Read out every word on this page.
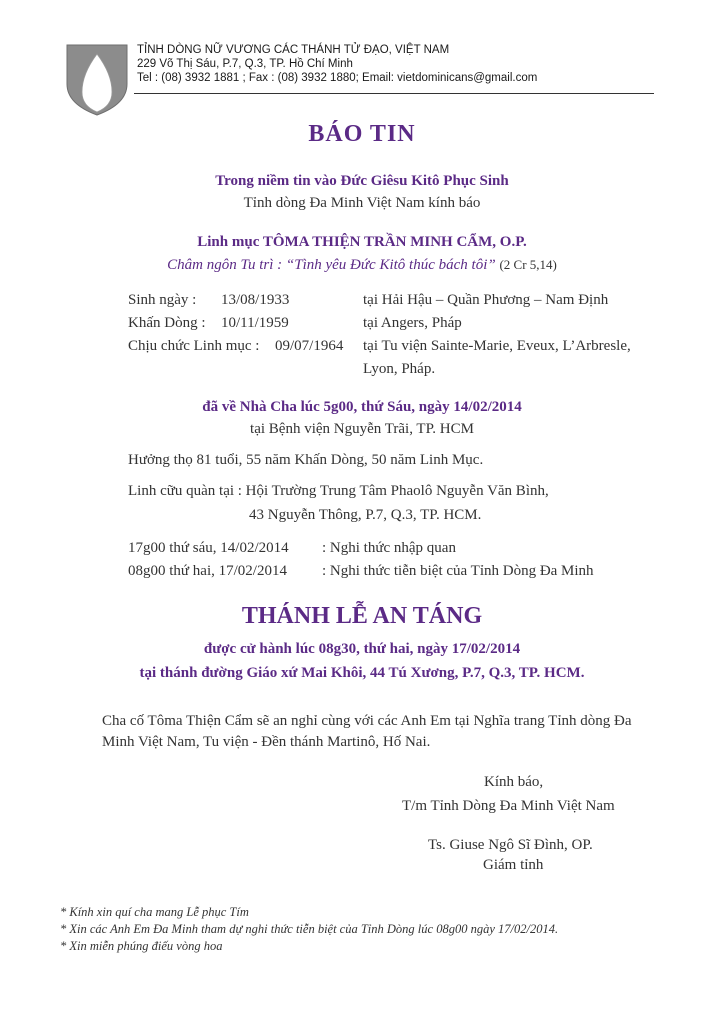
TỈNH DÒNG NỮ VƯƠNG CÁC THÁNH TỬ ĐẠO, VIỆT NAM
229 Võ Thị Sáu, P.7, Q.3, TP. Hồ Chí Minh
Tel : (08) 3932 1881 ; Fax : (08) 3932 1880; Email: vietdominicans@gmail.com
BÁO TIN
Trong niềm tin vào Đức Giêsu Kitô Phục Sinh
Tỉnh dòng Đa Minh Việt Nam kính báo
Linh mục TÔMA THIỆN TRẦN MINH CẨM, O.P.
Châm ngôn Tu trì : “Tình yêu Đức Kitô thúc bách tôi” (2 Cr 5,14)
Sinh ngày : 13/08/1933	tại Hải Hậu – Quần Phương – Nam Định
Khấn Dòng : 10/11/1959	tại Angers, Pháp
Chịu chức Linh mục : 09/07/1964 tại Tu viện Sainte-Marie, Eveux, L’Arbresle,
Lyon, Pháp.
đã về Nhà Cha lúc 5g00, thứ Sáu, ngày 14/02/2014
tại Bệnh viện Nguyễn Trãi, TP. HCM
Hưởng thọ 81 tuổi, 55 năm Khấn Dòng, 50 năm Linh Mục.
Linh cữu quàn tại : Hội Trường Trung Tâm Phaolô Nguyễn Văn Bình,
43 Nguyễn Thông, P.7, Q.3, TP. HCM.
17g00 thứ sáu, 14/02/2014 : Nghi thức nhập quan
08g00 thứ hai, 17/02/2014 : Nghi thức tiễn biệt của Tỉnh Dòng Đa Minh
THÁNH LỄ AN TÁNG
được cử hành lúc 08g30, thứ hai, ngày 17/02/2014
tại thánh đường Giáo xứ Mai Khôi, 44 Tú Xương, P.7, Q.3, TP. HCM.
Cha cố Tôma Thiện Cẩm sẽ an nghỉ cùng với các Anh Em tại Nghĩa trang Tỉnh dòng Đa Minh Việt Nam, Tu viện - Đền thánh Martinô, Hố Nai.
Kính báo,
T/m Tỉnh Dòng Đa Minh Việt Nam
Ts. Giuse Ngô Sĩ Đình, OP.
Giám tỉnh
* Kính xin quí cha mang Lễ phục Tím
* Xin các Anh Em Đa Minh tham dự nghi thức tiễn biệt của Tỉnh Dòng lúc 08g00 ngày 17/02/2014.
* Xin miễn phúng điếu vòng hoa
